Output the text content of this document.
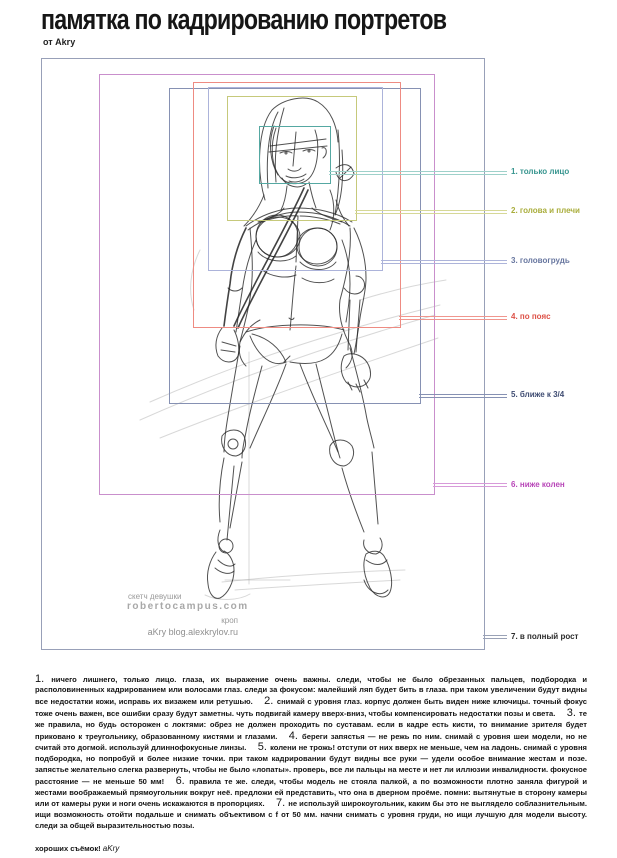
памятка по кадрированию портретов
от Akry
1. только лицо
2. голова и плечи
3. головогрудь
4. по пояс
5. ближе к 3/4
6. ниже колен
7. в полный рост
скетч девушки
robertocampus.com
кроп
aKry blog.alexkrylov.ru

1. ничего лишнего, только лицо. глаза, их выражение очень важны. следи, чтобы не было обрезанных пальцев, подбородка и располовиненных кадрированием или волосами глаз. следи за фокусом: малейший ляп будет бить в глаза. при таком увеличении будут видны все недостатки кожи, исправь их визажем или ретушью.   2. снимай с уровня глаз. корпус должен быть виден ниже ключицы. точный фокус тоже очень важен, все ошибки сразу будут заметны. чуть подвигай камеру вверх-вниз, чтобы компенсировать недостатки позы и света.   3. те же правила, но будь осторожен с локтями: обрез не должен проходить по суставам. если в кадре есть кисти, то внимание зрителя будет приковано к треугольнику, образованному кистями и глазами.   4. береги запястья — не режь по ним. снимай с уровня шеи модели, но не считай это догмой. используй длиннофокусные линзы.   5. колени не трожь! отступи от них вверх не меньше, чем на ладонь. снимай с уровня подбородка, но попробуй и более низкие точки. при таком кадрировании будут видны все руки — удели особое внимание жестам и позе. запястье желательно слегка развернуть, чтобы не было «лопаты». проверь, все ли пальцы на месте и нет ли иллюзии инвалидности. фокусное расстояние — не меньше 50 мм!   6. правила те же. следи, чтобы модель не стояла палкой, а по возможности плотно заняла фигурой и жестами воображаемый прямоугольник вокруг неё. предложи ей представить, что она в дверном проёме. помни: вытянутые в сторону камеры или от камеры руки и ноги очень искажаются в пропорциях.   7. не используй широкоугольник, каким бы это не выглядело соблазнительным. ищи возможность отойти подальше и снимать объективом с f от 50 мм. начни снимать с уровня груди, но ищи лучшую для модели высоту. следи за общей выразительностью позы.   

хороших съёмок! aKry
